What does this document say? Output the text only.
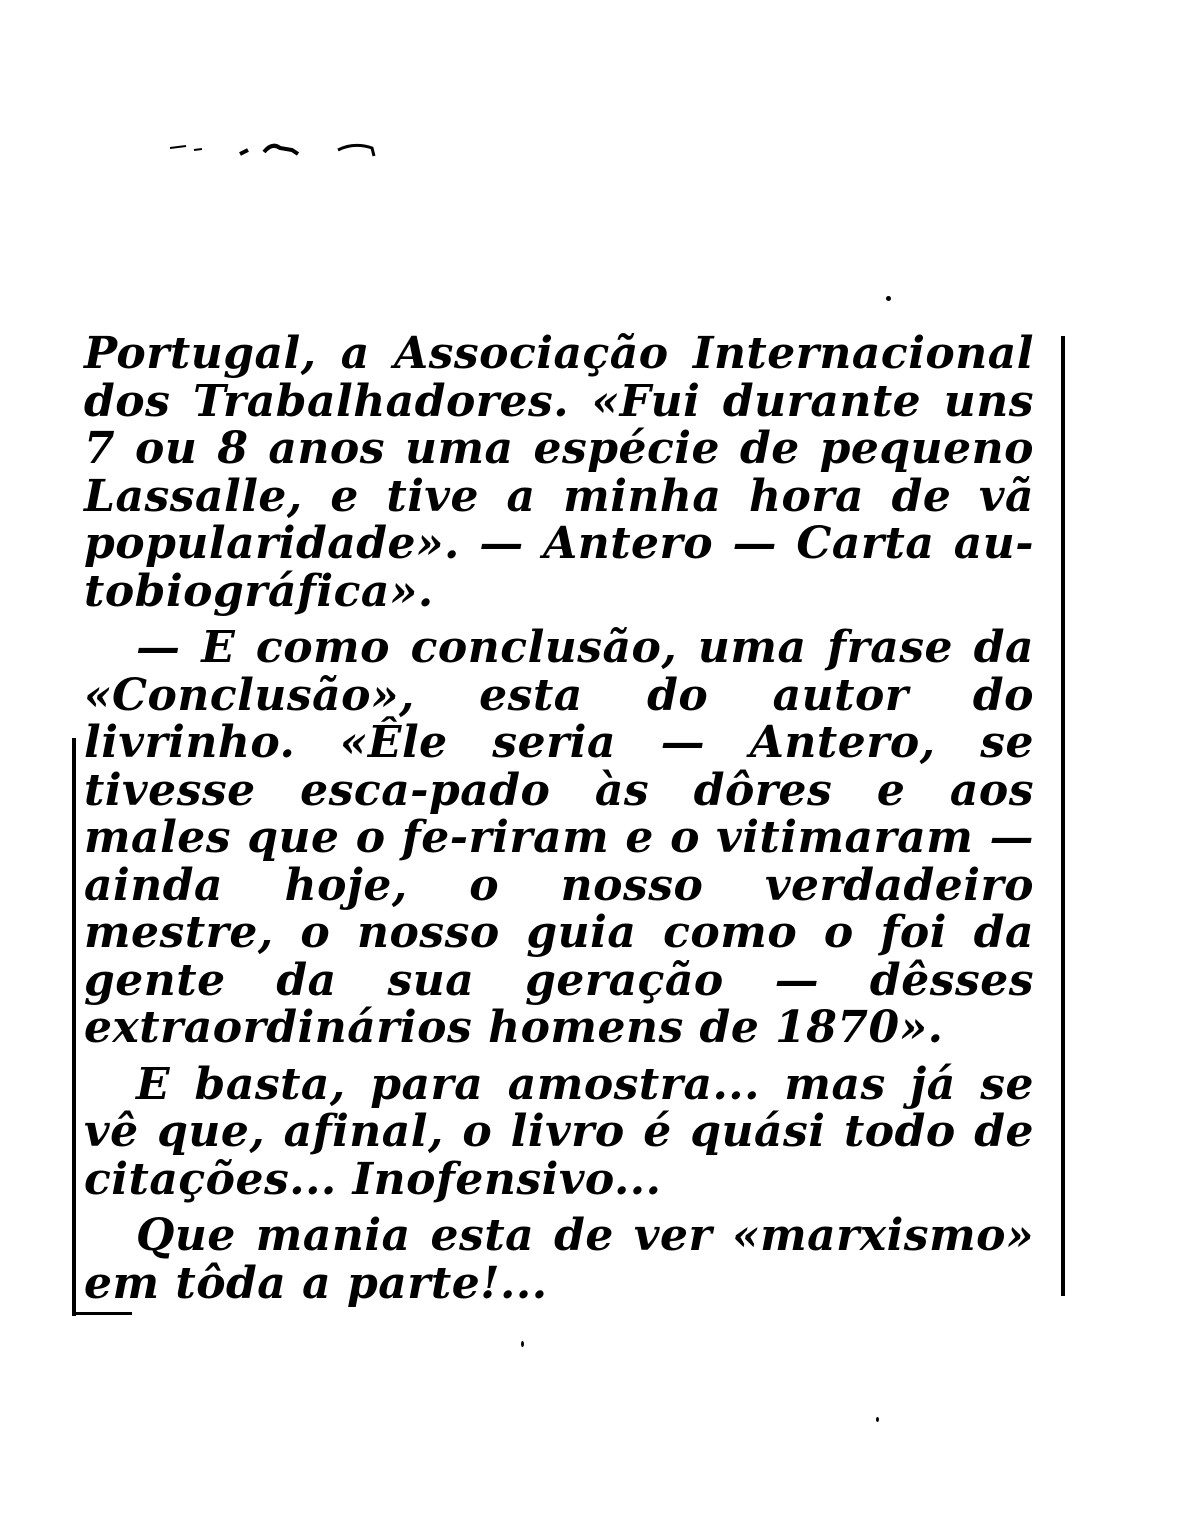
Portugal, a Associação Internacional dos Trabalhadores. «Fui durante uns 7 ou 8 anos uma espécie de pequeno Lassalle, e tive a minha hora de vã popularidade». — Antero — Carta au-tobiográfica».

— E como conclusão, uma frase da «Conclusão», esta do autor do livrinho. «Êle seria — Antero, se tivesse esca-pado às dôres e aos males que o fe-riram e o vitimaram — ainda hoje, o nosso verdadeiro mestre, o nosso guia como o foi da gente da sua geração — dêsses extraordinários homens de 1870».

E basta, para amostra... mas já se vê que, afinal, o livro é quási todo de citações... Inofensivo...

Que mania esta de ver «marxismo» em tôda a parte!...
